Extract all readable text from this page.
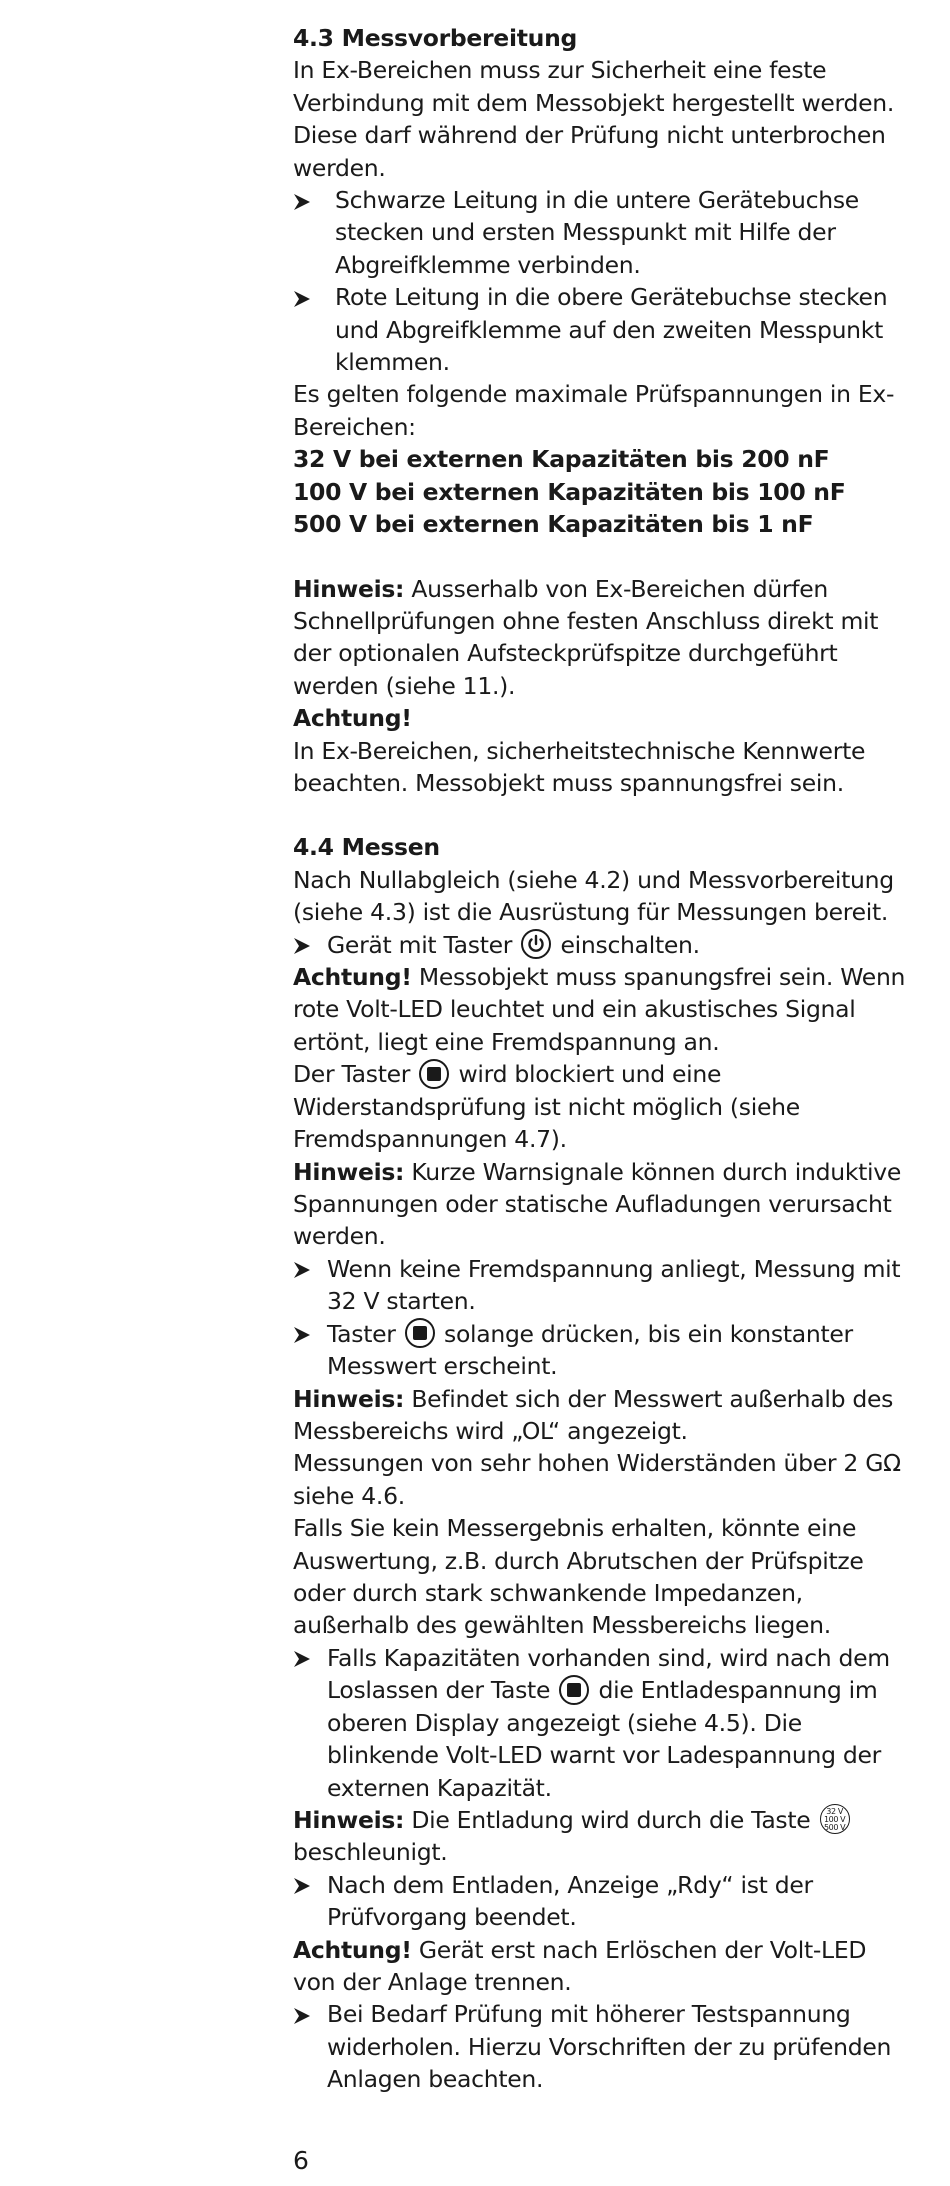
4.3 Messvorbereitung

In Ex-Bereichen muss zur Sicherheit eine feste Verbindung mit dem Messobjekt hergestellt werden. Diese darf während der Prüfung nicht unterbrochen werden.

Schwarze Leitung in die untere Gerätebuchse stecken und ersten Messpunkt mit Hilfe der Abgreifklemme verbinden.

Rote Leitung in die obere Gerätebuchse stecken und Abgreifklemme auf den zweiten Messpunkt klemmen.

Es gelten folgende maximale Prüfspannungen in Ex-Bereichen:

32 V bei externen Kapazitäten bis 200 nF

100 V bei externen Kapazitäten bis 100 nF

500 V bei externen Kapazitäten bis 1 nF

Hinweis: Ausserhalb von Ex-Bereichen dürfen Schnellprüfungen ohne festen Anschluss direkt mit der optionalen Aufsteckprüfspitze durchgeführt werden (siehe 11.).

Achtung!

In Ex-Bereichen, sicherheitstechnische Kennwerte beachten. Messobjekt muss spannungsfrei sein.

4.4 Messen

Nach Nullabgleich (siehe 4.2) und Messvorbereitung (siehe 4.3) ist die Ausrüstung für Messungen bereit.

Gerät mit Taster
einschalten.

Achtung! Messobjekt muss spanungsfrei sein. Wenn rote Volt-LED leuchtet und ein akustisches Signal ertönt, liegt eine Fremdspannung an.

Der Taster
wird blockiert und eine Widerstandsprüfung ist nicht möglich (siehe Fremdspannungen 4.7).

Hinweis: Kurze Warnsignale können durch induktive Spannungen oder statische Aufladungen verursacht werden.

Wenn keine Fremdspannung anliegt, Messung mit 32 V starten.

Taster
solange drücken, bis ein konstanter Messwert erscheint.

Hinweis: Befindet sich der Messwert außerhalb des Messbereichs wird „OL“ angezeigt.

Messungen von sehr hohen Widerständen über 2 GΩ siehe 4.6.

Falls Sie kein Messergebnis erhalten, könnte eine Auswertung, z.B. durch Abrutschen der Prüfspitze oder durch stark schwankende Impedanzen, außerhalb des gewählten Messbereichs liegen.

Falls Kapazitäten vorhanden sind, wird nach dem Loslassen der Taste
die Entladespannung im oberen Display angezeigt (siehe 4.5). Die blinkende Volt-LED warnt vor Ladespannung der externen Kapazität.

Hinweis: Die Entladung wird durch die Taste	32 V
100 V
500 V
beschleunigt.

Nach dem Entladen, Anzeige „Rdy“ ist der Prüfvorgang beendet.

Achtung! Gerät erst nach Erlöschen der Volt-LED von der Anlage trennen.

Bei Bedarf Prüfung mit höherer Testspannung widerholen. Hierzu Vorschriften der zu prüfenden Anlagen beachten.

6
